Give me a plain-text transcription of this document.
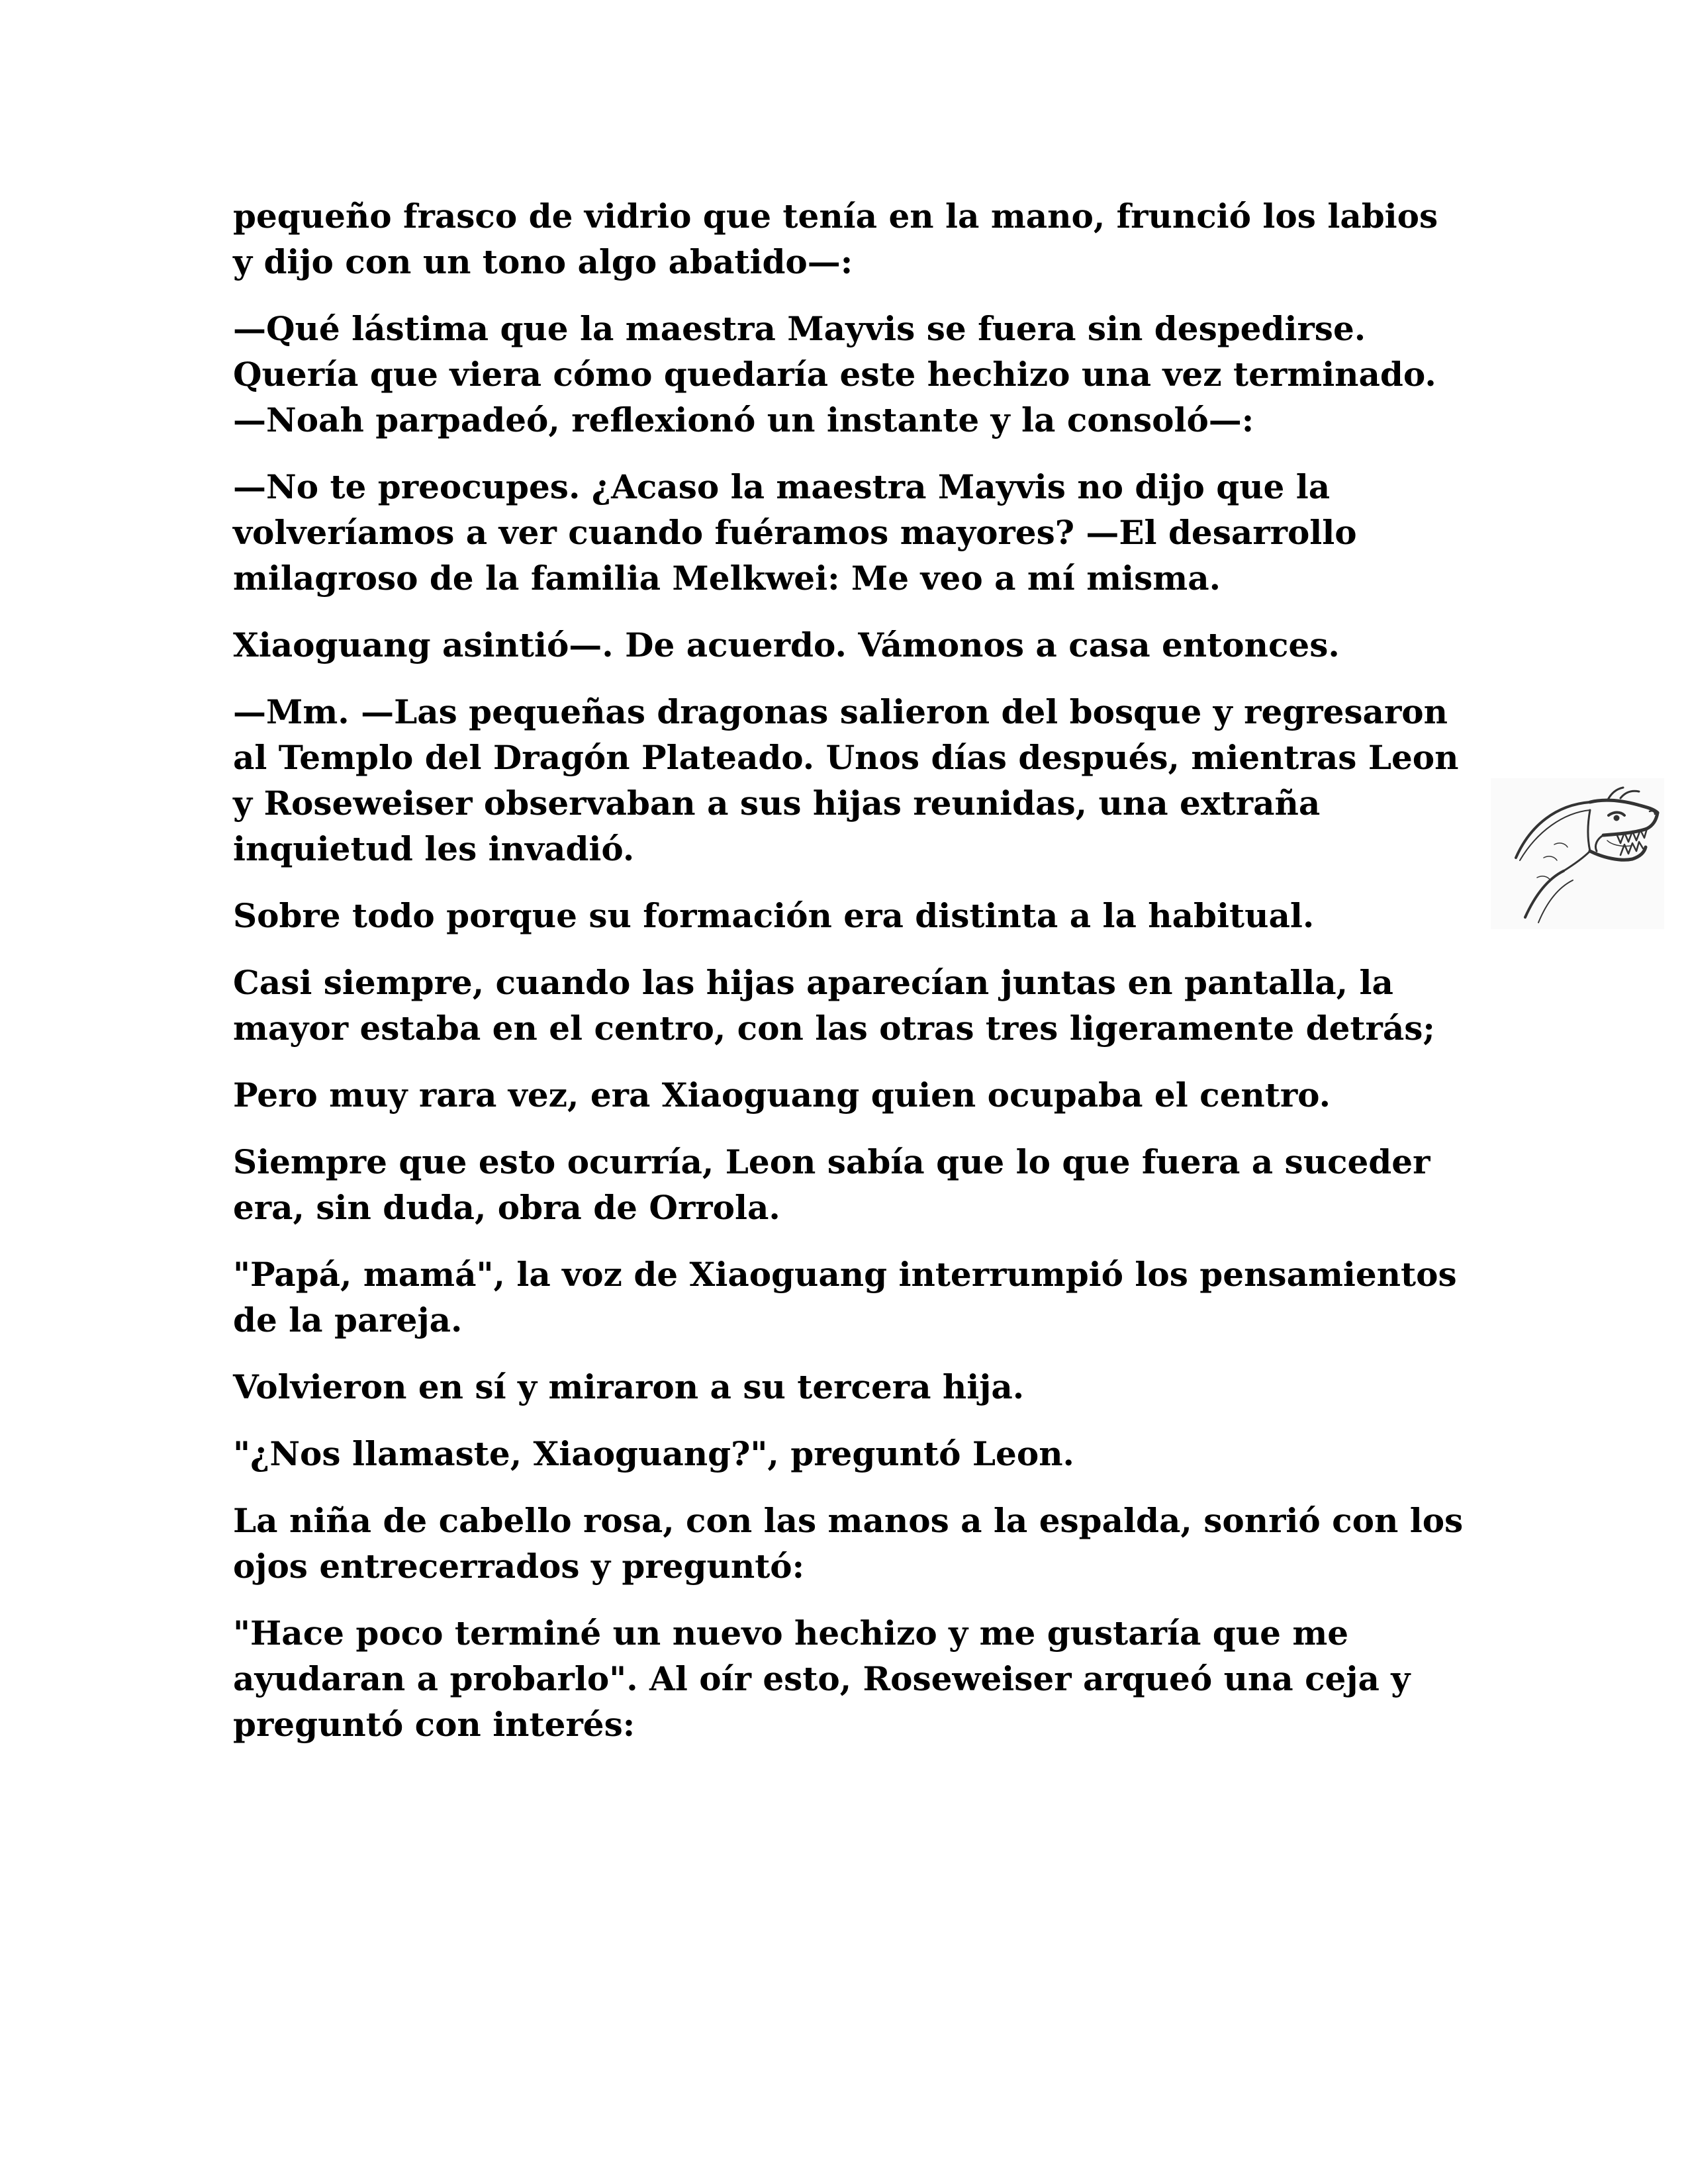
pequeño frasco de vidrio que tenía en la mano, frunció los labios y dijo con un tono algo abatido—:

—Qué lástima que la maestra Mayvis se fuera sin despedirse. Quería que viera cómo quedaría este hechizo una vez terminado. —Noah parpadeó, reflexionó un instante y la consoló—:

—No te preocupes. ¿Acaso la maestra Mayvis no dijo que la volveríamos a ver cuando fuéramos mayores? —El desarrollo milagroso de la familia Melkwei: Me veo a mí misma.

Xiaoguang asintió—. De acuerdo. Vámonos a casa entonces.

—Mm. —Las pequeñas dragonas salieron del bosque y regresaron al Templo del Dragón Plateado. Unos días después, mientras Leon y Roseweiser observaban a sus hijas reunidas, una extraña inquietud les invadió.

Sobre todo porque su formación era distinta a la habitual.

Casi siempre, cuando las hijas aparecían juntas en pantalla, la mayor estaba en el centro, con las otras tres ligeramente detrás;

Pero muy rara vez, era Xiaoguang quien ocupaba el centro.

Siempre que esto ocurría, Leon sabía que lo que fuera a suceder era, sin duda, obra de Orrola.

"Papá, mamá", la voz de Xiaoguang interrumpió los pensamientos de la pareja.

Volvieron en sí y miraron a su tercera hija.

"¿Nos llamaste, Xiaoguang?", preguntó Leon.

La niña de cabello rosa, con las manos a la espalda, sonrió con los ojos entrecerrados y preguntó:

"Hace poco terminé un nuevo hechizo y me gustaría que me ayudaran a probarlo". Al oír esto, Roseweiser arqueó una ceja y preguntó con interés:
